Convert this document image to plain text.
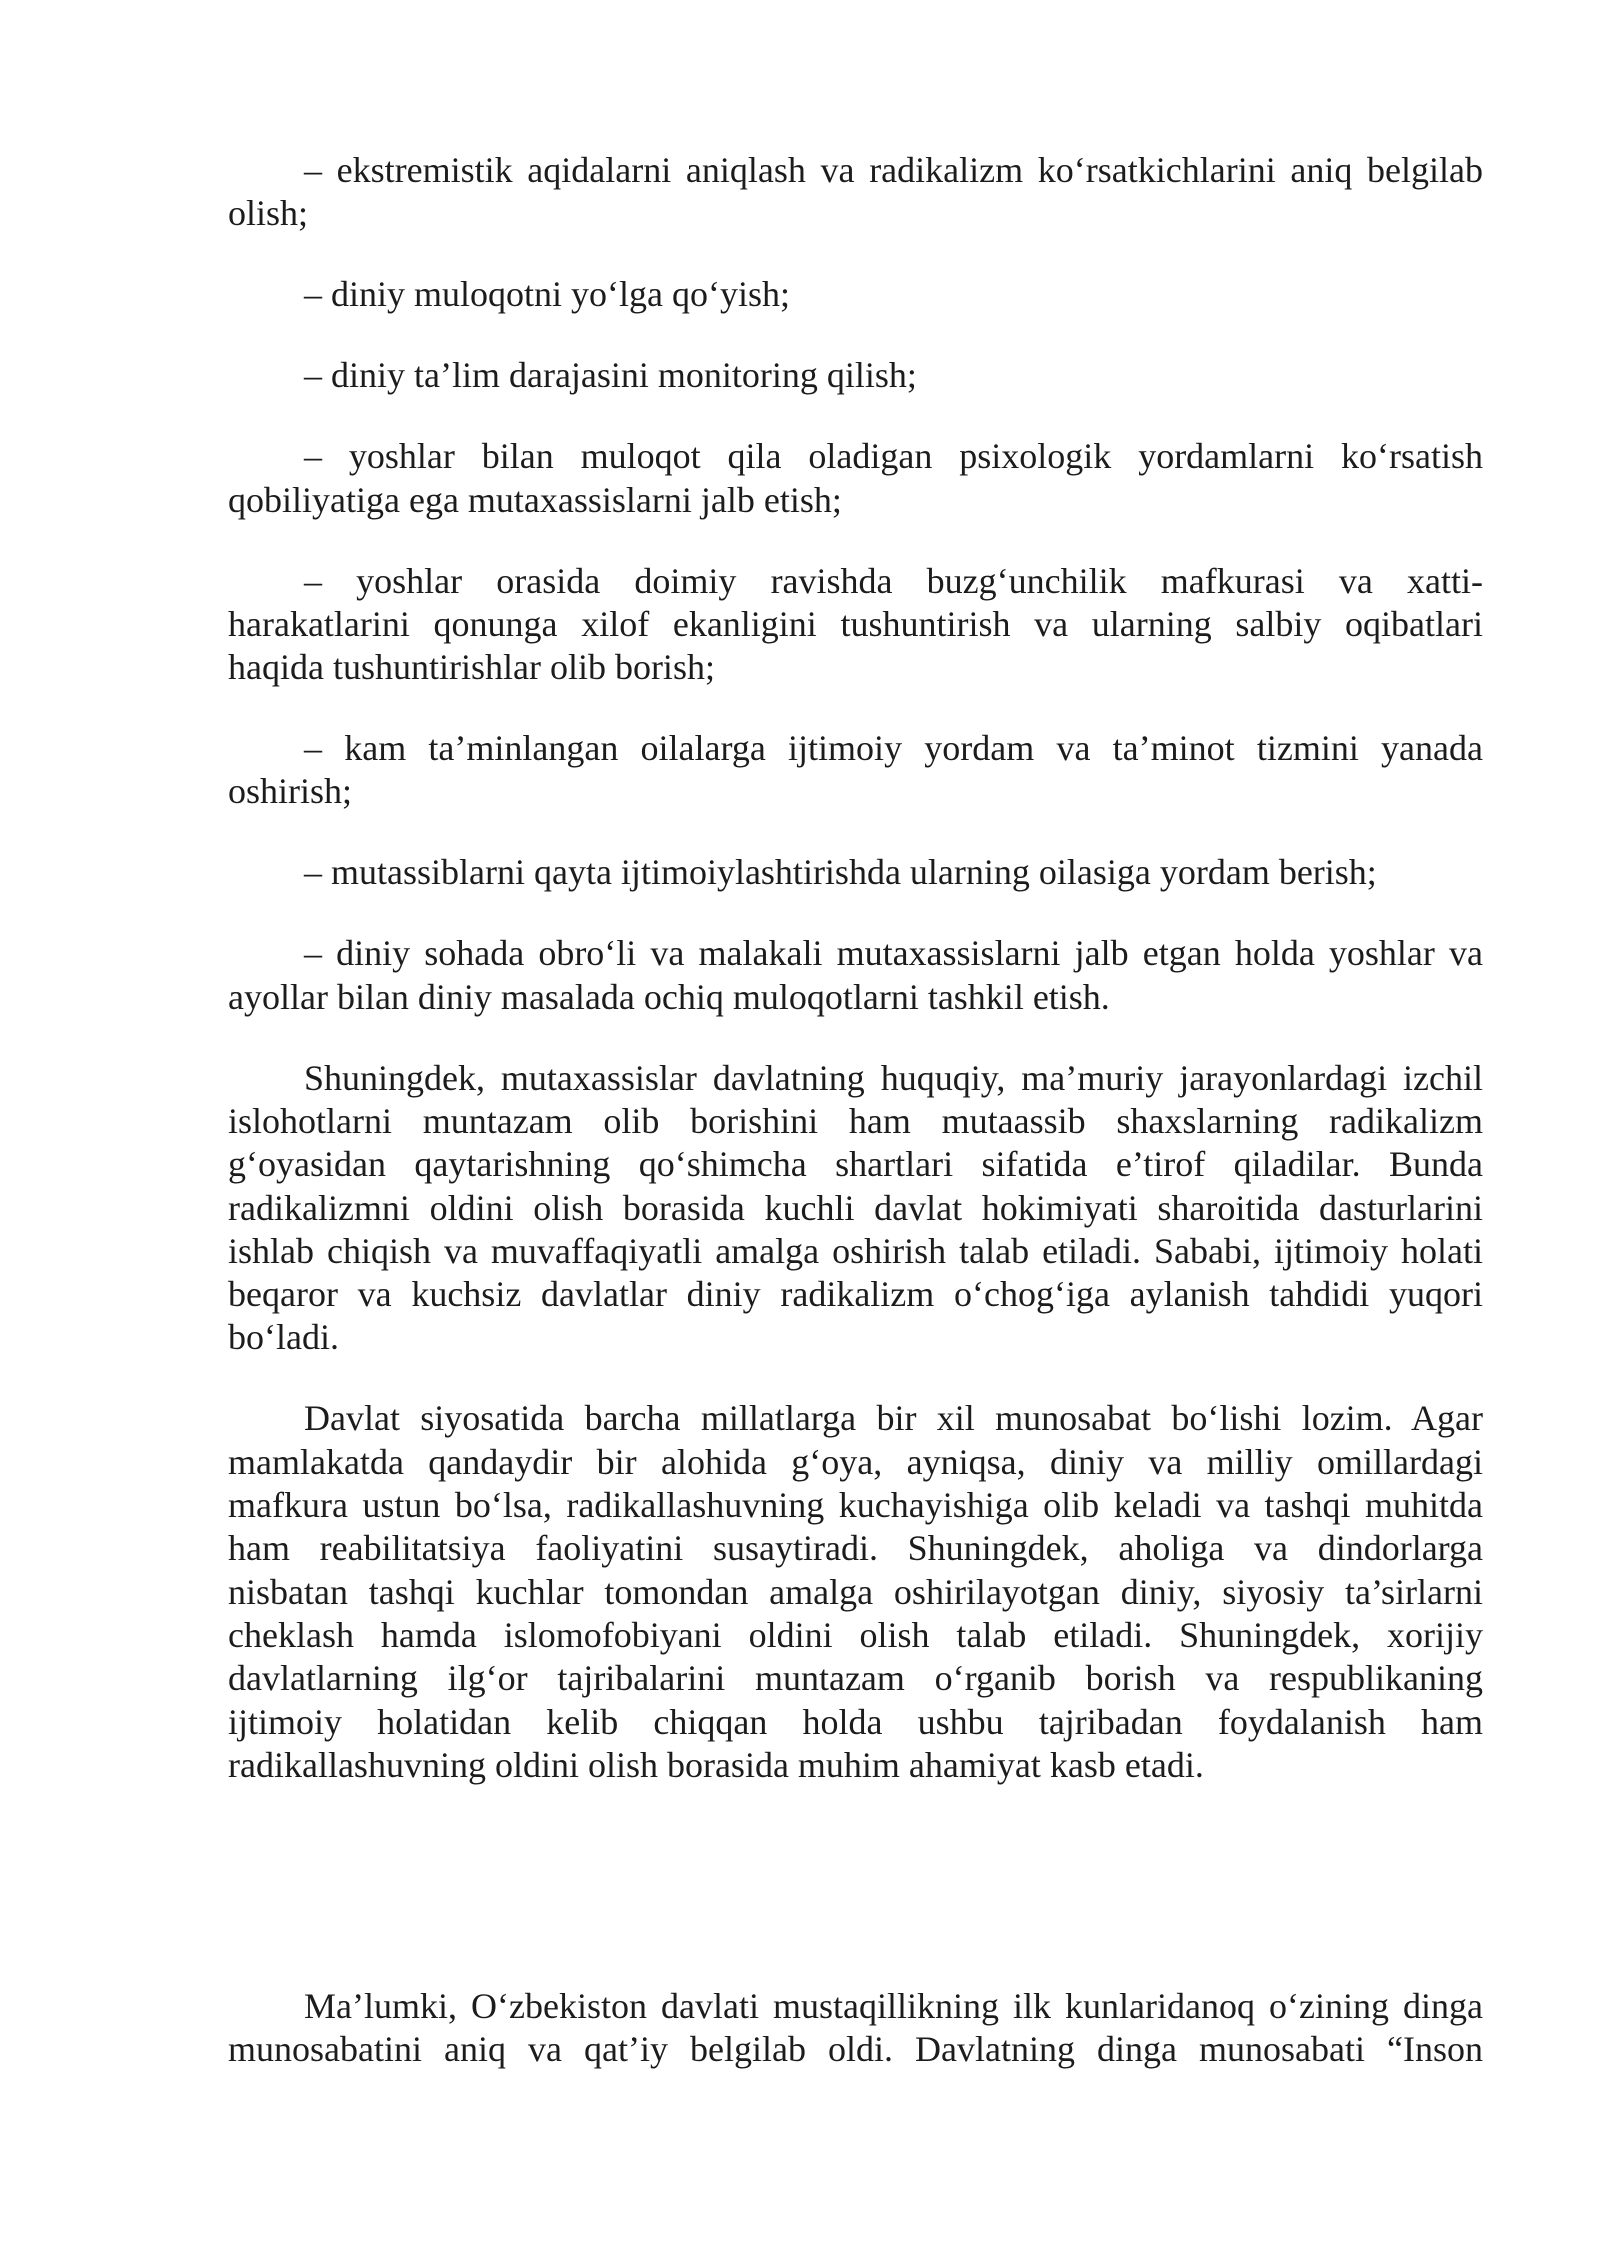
– ekstremistik aqidalarni aniqlash va radikalizm ko‘rsatkichlarini aniq belgilab
olish;
– diniy muloqotni yo‘lga qo‘yish;
– diniy ta’lim darajasini monitoring qilish;
– yoshlar bilan muloqot qila oladigan psixologik yordamlarni ko‘rsatish
qobiliyatiga ega mutaxassislarni jalb etish;
– yoshlar orasida doimiy ravishda buzg‘unchilik mafkurasi va xatti-
harakatlarini qonunga xilof ekanligini tushuntirish va ularning salbiy oqibatlari
haqida tushuntirishlar olib borish;
– kam ta’minlangan oilalarga ijtimoiy yordam va ta’minot tizmini yanada
oshirish;
– mutassiblarni qayta ijtimoiylashtirishda ularning oilasiga yordam berish;
– diniy sohada obro‘li va malakali mutaxassislarni jalb etgan holda yoshlar va
ayollar bilan diniy masalada ochiq muloqotlarni tashkil etish.
Shuningdek, mutaxassislar davlatning huquqiy, ma’muriy jarayonlardagi izchil
islohotlarni muntazam olib borishini ham mutaassib shaxslarning radikalizm
g‘oyasidan qaytarishning qo‘shimcha shartlari sifatida e’tirof qiladilar. Bunda
radikalizmni oldini olish borasida kuchli davlat hokimiyati sharoitida dasturlarini
ishlab chiqish va muvaffaqiyatli amalga oshirish talab etiladi. Sababi, ijtimoiy holati
beqaror va kuchsiz davlatlar diniy radikalizm o‘chog‘iga aylanish tahdidi yuqori
bo‘ladi.
Davlat siyosatida barcha millatlarga bir xil munosabat bo‘lishi lozim. Agar
mamlakatda qandaydir bir alohida g‘oya, ayniqsa, diniy va milliy omillardagi
mafkura ustun bo‘lsa, radikallashuvning kuchayishiga olib keladi va tashqi muhitda
ham reabilitatsiya faoliyatini susaytiradi. Shuningdek, aholiga va dindorlarga
nisbatan tashqi kuchlar tomondan amalga oshirilayotgan diniy, siyosiy ta’sirlarni
cheklash hamda islomofobiyani oldini olish talab etiladi. Shuningdek, xorijiy
davlatlarning ilg‘or tajribalarini muntazam o‘rganib borish va respublikaning
ijtimoiy holatidan kelib chiqqan holda ushbu tajribadan foydalanish ham
radikallashuvning oldini olish borasida muhim ahamiyat kasb etadi.
Ma’lumki, O‘zbekiston davlati mustaqillikning ilk kunlaridanoq o‘zining dinga
munosabatini aniq va qat’iy belgilab oldi. Davlatning dinga munosabati “Inson
